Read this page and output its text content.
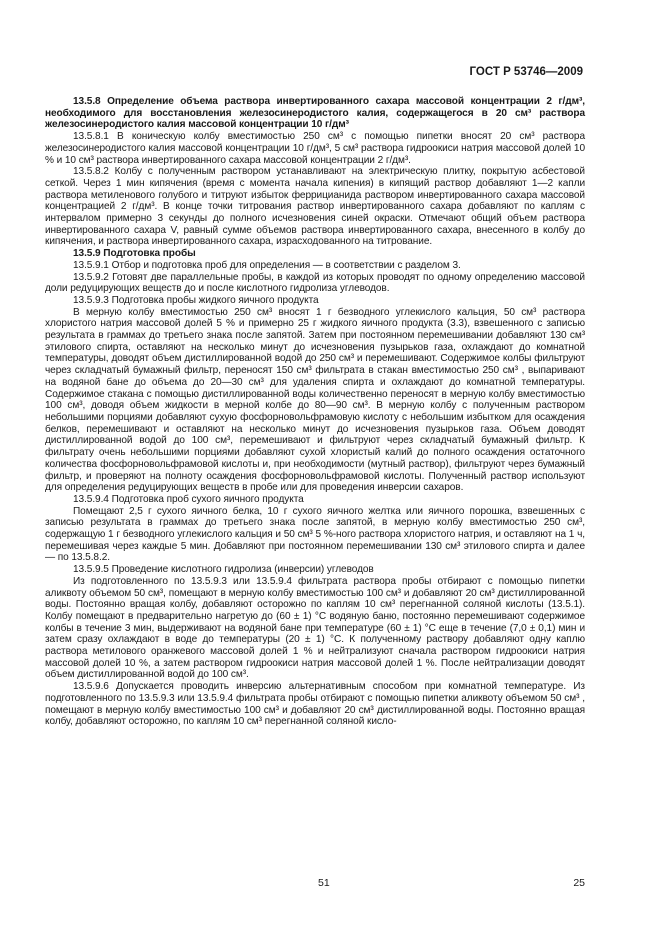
ГОСТ Р 53746—2009

13.5.8 Определение объема раствора инвертированного сахара массовой концентрации 2 г/дм³, необходимого для восстановления железосинеродистого калия, содержащегося в 20 см³ раствора железосинеродистого калия массовой концентрации 10 г/дм³

13.5.8.1 В коническую колбу вместимостью 250 см³ с помощью пипетки вносят 20 см³ раствора железосинеродистого калия массовой концентрации 10 г/дм³, 5 см³ раствора гидроокиси натрия массовой долей 10 % и 10 см³ раствора инвертированного сахара массовой концентрации 2 г/дм³.

13.5.8.2 Колбу с полученным раствором устанавливают на электрическую плитку, покрытую асбестовой сеткой. Через 1 мин кипячения (время с момента начала кипения) в кипящий раствор добавляют 1—2 капли раствора метиленового голубого и титруют избыток феррицианида раствором инвертированного сахара массовой концентрацией 2 г/дм³. В конце точки титрования раствор инвертированного сахара добавляют по каплям с интервалом примерно 3 секунды до полного исчезновения синей окраски. Отмечают общий объем раствора инвертированного сахара V, равный сумме объемов раствора инвертированного сахара, внесенного в колбу до кипячения, и раствора инвертированного сахара, израсходованного на титрование.

13.5.9 Подготовка пробы

13.5.9.1 Отбор и подготовка проб для определения — в соответствии с разделом 3.

13.5.9.2 Готовят две параллельные пробы, в каждой из которых проводят по одному определению массовой доли редуцирующих веществ до и после кислотного гидролиза углеводов.

13.5.9.3 Подготовка пробы жидкого яичного продукта

В мерную колбу вместимостью 250 см³ вносят 1 г безводного углекислого кальция, 50 см³ раствора хлористого натрия массовой долей 5 % и примерно 25 г жидкого яичного продукта (3.3), взвешенного с записью результата в граммах до третьего знака после запятой. Затем при постоянном перемешивании добавляют 130 см³ этилового спирта, оставляют на несколько минут до исчезновения пузырьков газа, охлаждают до комнатной температуры, доводят объем дистиллированной водой до 250 см³ и перемешивают. Содержимое колбы фильтруют через складчатый бумажный фильтр, переносят 150 см³ фильтрата в стакан вместимостью 250 см³ , выпаривают на водяной бане до объема до 20—30 см³ для удаления спирта и охлаждают до комнатной температуры. Содержимое стакана с помощью дистиллированной воды количественно переносят в мерную колбу вместимостью 100 см³, доводя объем жидкости в мерной колбе до 80—90 см³. В мерную колбу с полученным раствором небольшими порциями добавляют сухую фосфорновольфрамовую кислоту с небольшим избытком для осаждения белков, перемешивают и оставляют на несколько минут до исчезновения пузырьков газа. Объем доводят дистиллированной водой до 100 см³, перемешивают и фильтруют через складчатый бумажный фильтр. К фильтрату очень небольшими порциями добавляют сухой хлористый калий до полного осаждения остаточного количества фосфорновольфрамовой кислоты и, при необходимости (мутный раствор), фильтруют через бумажный фильтр, и проверяют на полноту осаждения фосфорновольфрамовой кислоты. Полученный раствор используют для определения редуцирующих веществ в пробе или для проведения инверсии сахаров.

13.5.9.4 Подготовка проб сухого яичного продукта

Помещают 2,5 г сухого яичного белка, 10 г сухого яичного желтка или яичного порошка, взвешенных с записью результата в граммах до третьего знака после запятой, в мерную колбу вместимостью 250 см³, содержащую 1 г безводного углекислого кальция и 50 см³ 5 %-ного раствора хлористого натрия, и оставляют на 1 ч, перемешивая через каждые 5 мин. Добавляют при постоянном перемешивании 130 см³ этилового спирта и далее — по 13.5.8.2.

13.5.9.5 Проведение кислотного гидролиза (инверсии) углеводов

Из подготовленного по 13.5.9.3 или 13.5.9.4 фильтрата раствора пробы отбирают с помощью пипетки аликвоту объемом 50 см³, помещают в мерную колбу вместимостью 100 см³ и добавляют 20 см³ дистиллированной воды. Постоянно вращая колбу, добавляют осторожно по каплям 10 см³ перегнанной соляной кислоты (13.5.1). Колбу помещают в предварительно нагретую до (60 ± 1) °С водяную баню, постоянно перемешивают содержимое колбы в течение 3 мин, выдерживают на водяной бане при температуре (60 ± 1) °С еще в течение (7,0 ± 0,1) мин и затем сразу охлаждают в воде до температуры (20 ± 1) °С. К полученному раствору добавляют одну каплю раствора метилового оранжевого массовой долей 1 % и нейтрализуют сначала раствором гидроокиси натрия массовой долей 10 %, а затем раствором гидроокиси натрия массовой долей 1 %. После нейтрализации доводят объем дистиллированной водой до 100 см³.

13.5.9.6 Допускается проводить инверсию альтернативным способом при комнатной температуре. Из подготовленного по 13.5.9.3 или 13.5.9.4 фильтрата пробы отбирают с помощью пипетки аликвоту объемом 50 см³ , помещают в мерную колбу вместимостью 100 см³ и добавляют 20 см³ дистиллированной воды. Постоянно вращая колбу, добавляют осторожно, по каплям 10 см³ перегнанной соляной кисло-

51	25
